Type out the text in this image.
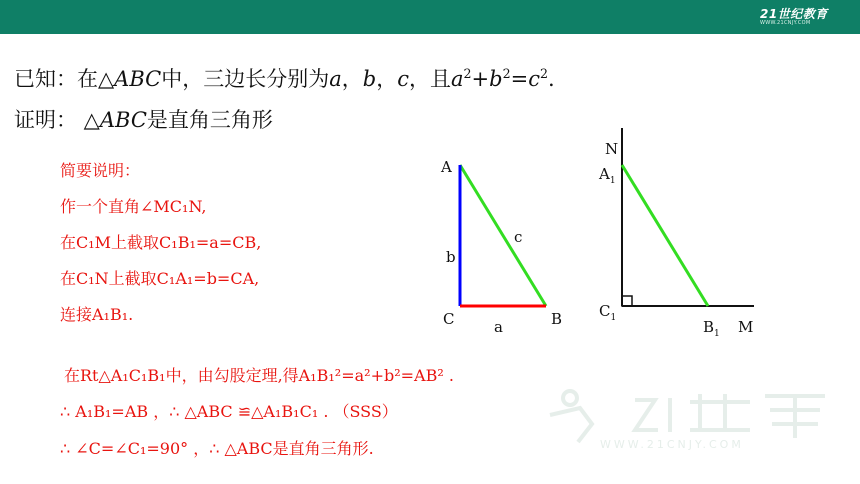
21世纪教育
WWW.21CNJY.COM
已知：在△ABC中，三边长分别为a，b，c，且$a^2+b^2=c^2$.
证明： △ABC是直角三角形
简要说明：
作一个直角∠MC₁N,
在C₁M上截取C₁B₁=a=CB,
在C₁N上截取C₁A₁=b=CA,
连接A₁B₁.
在Rt△A₁C₁B₁中，由勾股定理,得A₁B₁²=a²+b²=AB² .
∴ A₁B₁=AB ，∴ △ABC ≌△A₁B₁C₁ . （SSS）
∴ ∠C=∠C₁=90° ，∴ △ABC是直角三角形.	WWW.21CNJY.COM
A
b
c
C	a	B
N
$A_1$
$C_1$	$B_1$ M
